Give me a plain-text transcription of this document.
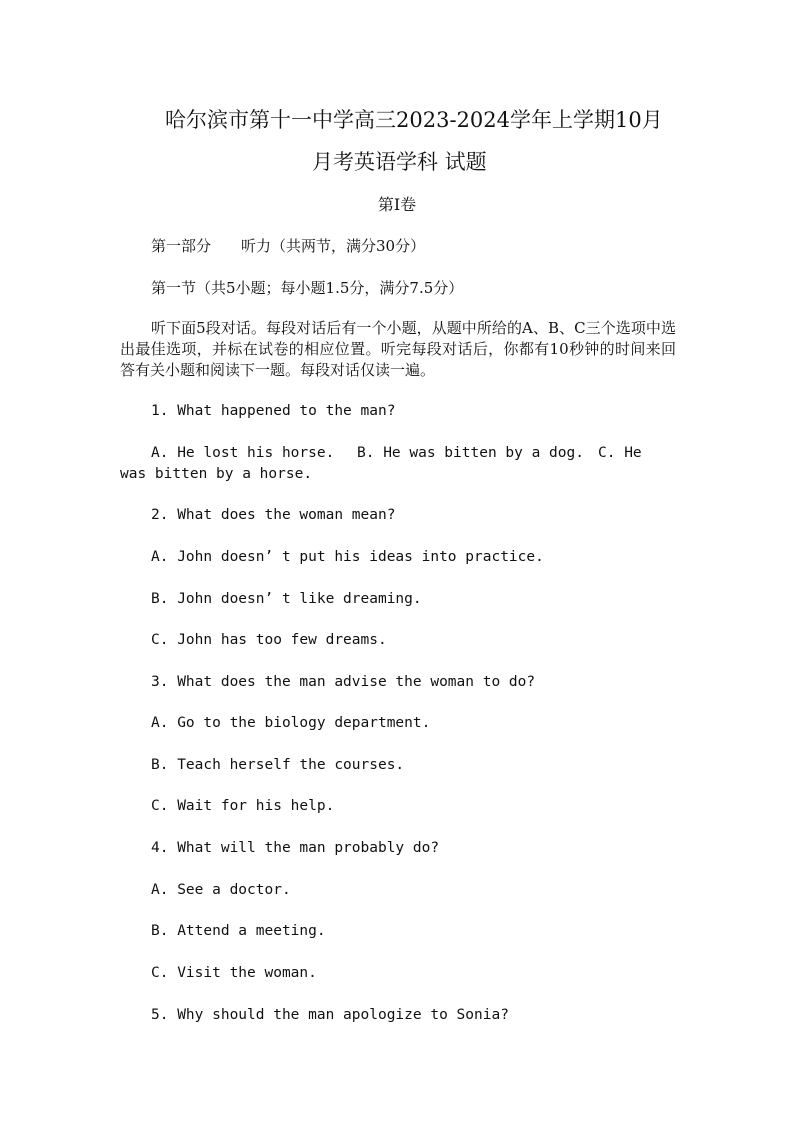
哈尔滨市第十一中学高三2023-2024学年上学期10月
月考英语学科 试题
第I卷
第一部分　　听力（共两节，满分30分）
第一节（共5小题；每小题1.5分，满分7.5分）
听下面5段对话。每段对话后有一个小题，从题中所给的A、B、C三个选项中选出最佳选项，并标在试卷的相应位置。听完每段对话后，你都有10秒钟的时间来回答有关小题和阅读下一题。每段对话仅读一遍。
1. What happened to the man?
A. He lost his horse. B. He was bitten by a dog. C. He was bitten by a horse.
2. What does the woman mean?
A. John doesn’ t put his ideas into practice.
B. John doesn’ t like dreaming.
C. John has too few dreams.
3. What does the man advise the woman to do?
A. Go to the biology department.
B. Teach herself the courses.
C. Wait for his help.
4. What will the man probably do?
A. See a doctor.
B. Attend a meeting.
C. Visit the woman.
5. Why should the man apologize to Sonia?
